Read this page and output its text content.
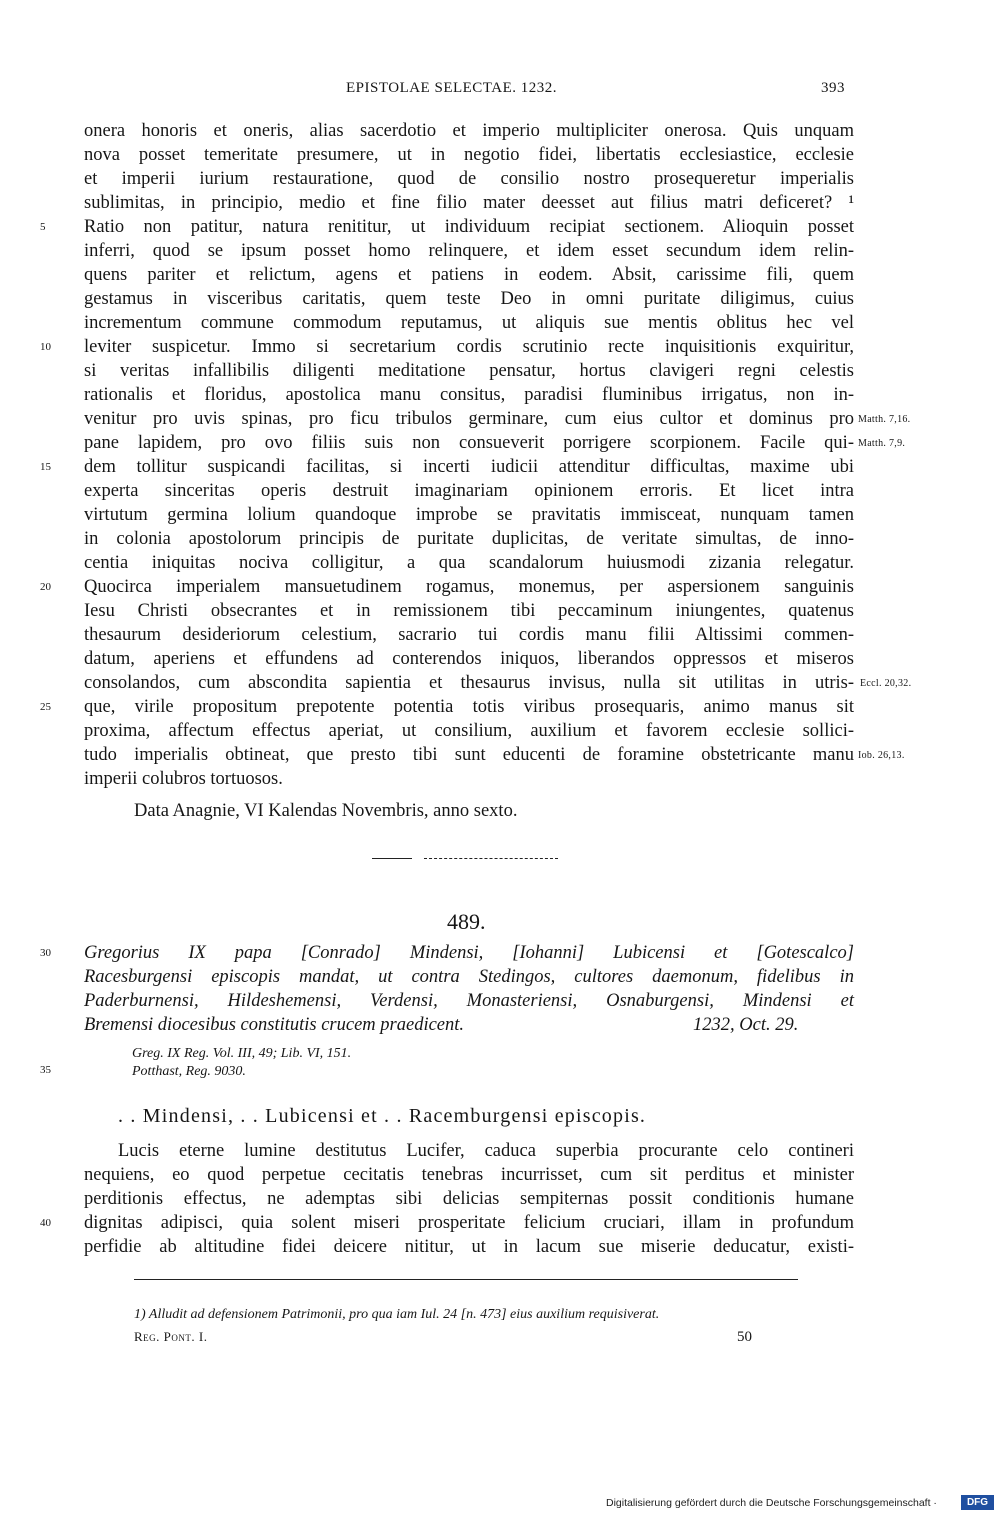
EPISTOLAE SELECTAE. 1232.	393
onera honoris et oneris, alias sacerdotio et imperio multipliciter onerosa. Quis unquam
nova posset temeritate presumere, ut in negotio fidei, libertatis ecclesiastice, ecclesie
et imperii iurium restauratione, quod de consilio nostro prosequeretur imperialis
sublimitas, in principio, medio et fine filio mater deesset aut filius matri deficeret? ¹
Ratio non patitur, natura renititur, ut individuum recipiat sectionem. Alioquin posset
inferri, quod se ipsum posset homo relinquere, et idem esset secundum idem relin-
quens pariter et relictum, agens et patiens in eodem. Absit, carissime fili, quem
gestamus in visceribus caritatis, quem teste Deo in omni puritate diligimus, cuius
incrementum commune commodum reputamus, ut aliquis sue mentis oblitus hec vel
leviter suspicetur. Immo si secretarium cordis scrutinio recte inquisitionis exquiritur,
si veritas infallibilis diligenti meditatione pensatur, hortus clavigeri regni celestis
rationalis et floridus, apostolica manu consitus, paradisi fluminibus irrigatus, non in-
venitur pro uvis spinas, pro ficu tribulos germinare, cum eius cultor et dominus pro
pane lapidem, pro ovo filiis suis non consueverit porrigere scorpionem. Facile qui-
dem tollitur suspicandi facilitas, si incerti iudicii attenditur difficultas, maxime ubi
experta sinceritas operis destruit imaginariam opinionem erroris. Et licet intra
virtutum germina lolium quandoque improbe se pravitatis immisceat, nunquam tamen
in colonia apostolorum principis de puritate duplicitas, de veritate simultas, de inno-
centia iniquitas nociva colligitur, a qua scandalorum huiusmodi zizania relegatur.
Quocirca imperialem mansuetudinem rogamus, monemus, per aspersionem sanguinis
Iesu Christi obsecrantes et in remissionem tibi peccaminum iniungentes, quatenus
thesaurum desideriorum celestium, sacrario tui cordis manu filii Altissimi commen-
datum, aperiens et effundens ad conterendos iniquos, liberandos oppressos et miseros
consolandos, cum abscondita sapientia et thesaurus invisus, nulla sit utilitas in utris-
que, virile propositum prepotente potentia totis viribus prosequaris, animo manus sit
proxima, affectum effectus aperiat, ut consilium, auxilium et favorem ecclesie sollici-
tudo imperialis obtineat, que presto tibi sunt educenti de foramine obstetricante manu
imperii colubros tortuosos.
5
10
15
20
25
Matth. 7,16.
Matth. 7,9.
Eccl. 20,32.
Iob. 26,13.
Data Anagnie, VI Kalendas Novembris, anno sexto.
489.
Gregorius IX papa [Conrado] Mindensi, [Iohanni] Lubicensi et [Gotescalco]
Racesburgensi episcopis mandat, ut contra Stedingos, cultores daemonum, fidelibus in
Paderburnensi, Hildeshemensi, Verdensi, Monasteriensi, Osnaburgensi, Mindensi et
Bremensi diocesibus constitutis crucem praedicent.	1232, Oct. 29.
30
35
40
Greg. IX Reg. Vol. III, 49; Lib. VI, 151.
Potthast, Reg. 9030.
. . Mindensi, . . Lubicensi et . . Racemburgensi episcopis.
Lucis eterne lumine destitutus Lucifer, caduca superbia procurante celo contineri
nequiens, eo quod perpetue cecitatis tenebras incurrisset, cum sit perditus et minister
perditionis effectus, ne ademptas sibi delicias sempiternas possit conditionis humane
dignitas adipisci, quia solent miseri prosperitate felicium cruciari, illam in profundum
perfidie ab altitudine fidei deicere nititur, ut in lacum sue miserie deducatur, existi-
1) Alludit ad defensionem Patrimonii, pro qua iam Iul. 24 [n. 473] eius auxilium requisiverat.
Reg. Pont. I.	50
Digitalisierung gefördert durch die Deutsche Forschungsgemeinschaft ·	DFG
